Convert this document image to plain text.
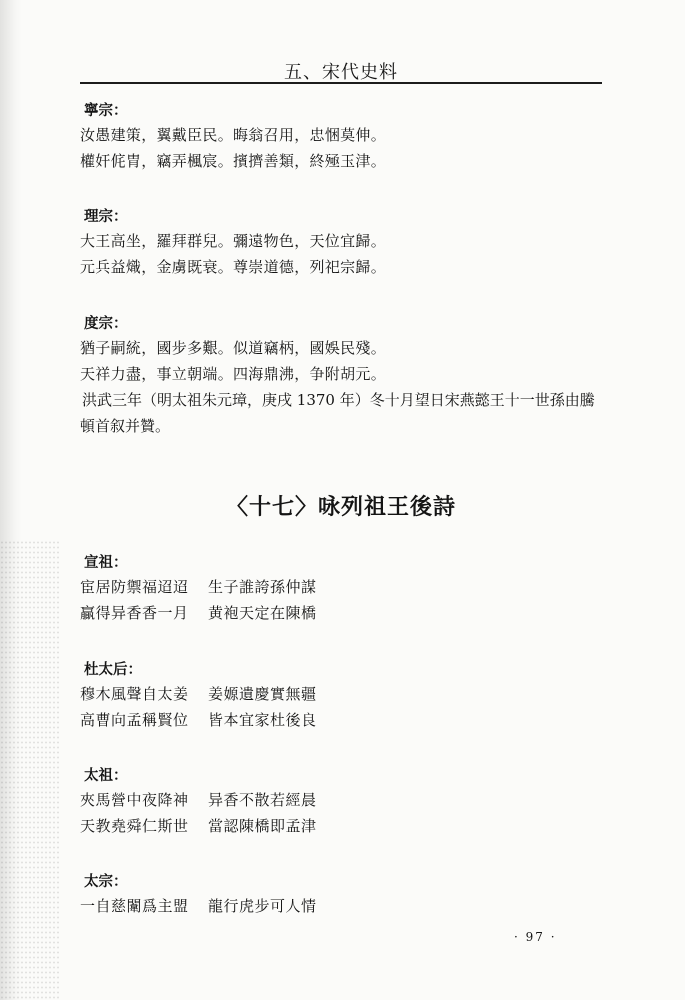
五、宋代史料
寧宗：
汝愚建策，翼戴臣民。晦翁召用，忠悃莫伸。
權奸侂胄，竊弄楓宸。擯擠善類，終殛玉津。
理宗：
大王高坐，羅拜群兒。彌遠物色，天位宜歸。
元兵益熾，金虜既衰。尊崇道德，列祀宗歸。
度宗：
猶子嗣統，國步多艱。似道竊柄，國娛民殘。
天祥力盡，事立朝端。四海鼎沸，争附胡元。
洪武三年（明太祖朱元璋，庚戌 1370 年）冬十月望日宋燕懿王十一世孫由騰頓首叙并贊。
〈十七〉咏列祖王後詩
宣祖：
宦居防禦福迢迢 生子誰誇孫仲謀
贏得异香香一月 黄袍天定在陳橋
杜太后：
穆木風聲自太姜 姜嫄遺慶實無疆
高曹向孟稱賢位 皆本宜家杜後良
太祖：
夾馬營中夜降神 异香不散若經晨
天教堯舜仁斯世 當認陳橋即孟津
太宗：
一自慈闈爲主盟 龍行虎步可人情
· 97 ·
